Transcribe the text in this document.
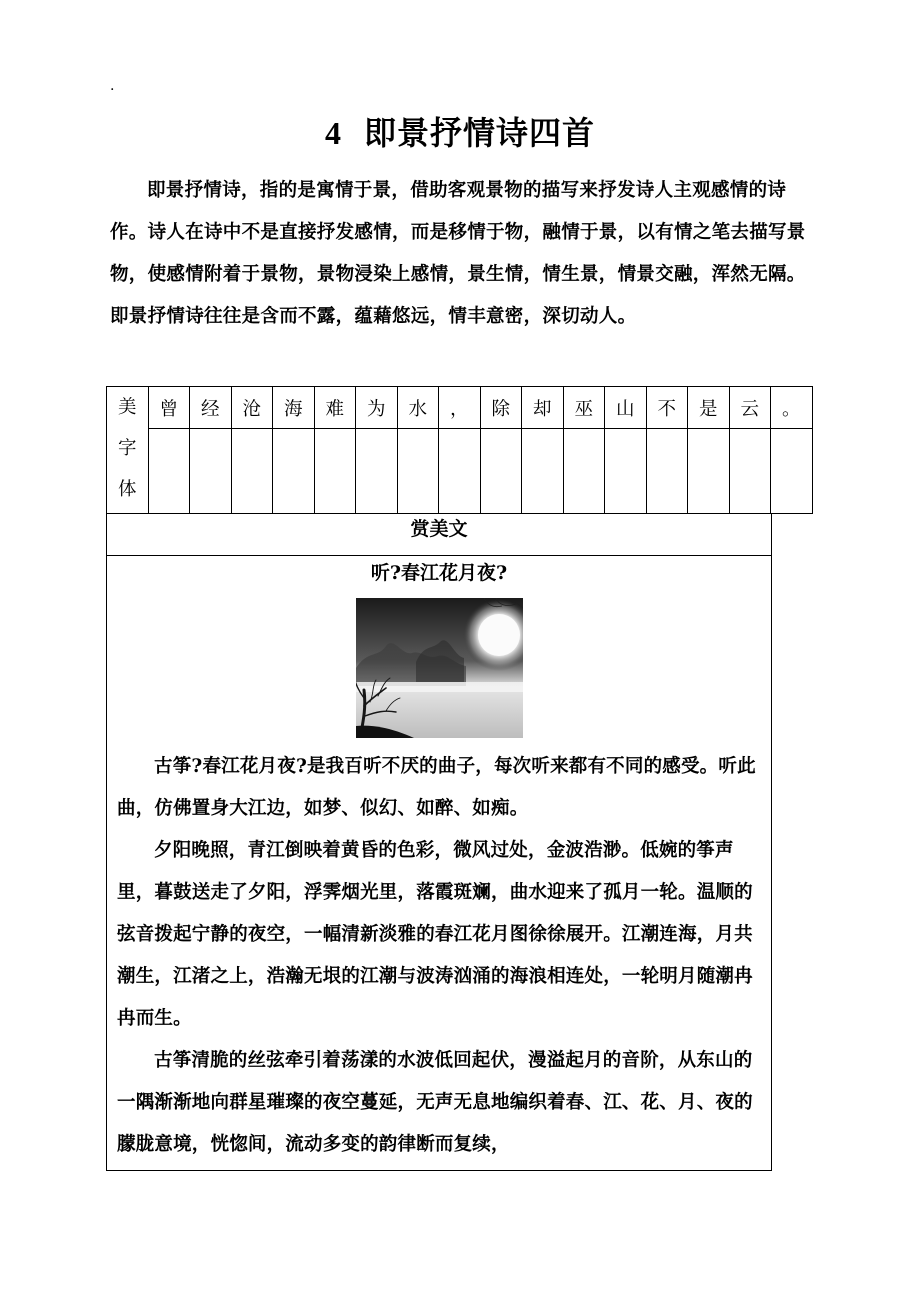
.
4 即景抒情诗四首

即景抒情诗，指的是寓情于景，借助客观景物的描写来抒发诗人主观感情的诗作。诗人在诗中不是直接抒发感情，而是移情于物，融情于景，以有情之笔去描写景物，使感情附着于景物，景物浸染上感情，景生情，情生景，情景交融，浑然无隔。即景抒情诗往往是含而不露，蕴藉悠远，情丰意密，深切动人。

美
字
体	曾	经	沧	海	难	为	水	，	除	却	巫	山	不	是	云	。

赏美文
听?春江花月夜?

古筝?春江花月夜?是我百听不厌的曲子，每次听来都有不同的感受。听此曲，仿佛置身大江边，如梦、似幻、如醉、如痴。

夕阳晚照，青江倒映着黄昏的色彩，微风过处，金波浩渺。低婉的筝声里，暮鼓送走了夕阳，浮霁烟光里，落霞斑斓，曲水迎来了孤月一轮。温顺的弦音拨起宁静的夜空，一幅清新淡雅的春江花月图徐徐展开。江潮连海，月共潮生，江渚之上，浩瀚无垠的江潮与波涛汹涌的海浪相连处，一轮明月随潮冉冉而生。

古筝清脆的丝弦牵引着荡漾的水波低回起伏，漫溢起月的音阶，从东山的一隅渐渐地向群星璀璨的夜空蔓延，无声无息地编织着春、江、花、月、夜的朦胧意境，恍惚间，流动多变的韵律断而复续，
